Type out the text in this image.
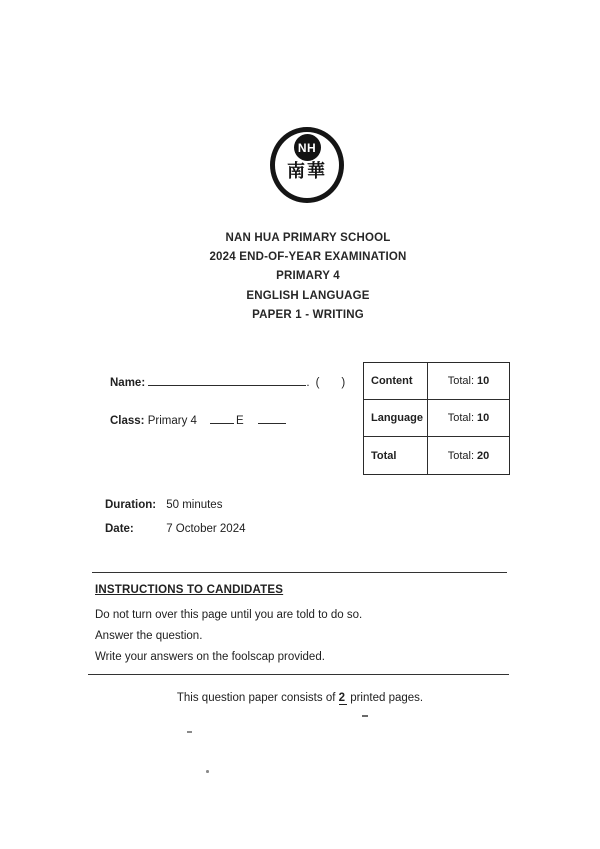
NH
南華
NAN HUA PRIMARY SCHOOL
2024 END-OF-YEAR EXAMINATION
PRIMARY 4
ENGLISH LANGUAGE
PAPER 1 - WRITING
Name:	. ( )
Class: Primary 4	E
Content	Total: 10
Language	Total: 10
Total	Total: 20
Duration: 50 minutes
Date:	7 October 2024
INSTRUCTIONS TO CANDIDATES
Do not turn over this page until you are told to do so.
Answer the question.
Write your answers on the foolscap provided.
This question paper consists of 2 printed pages.
